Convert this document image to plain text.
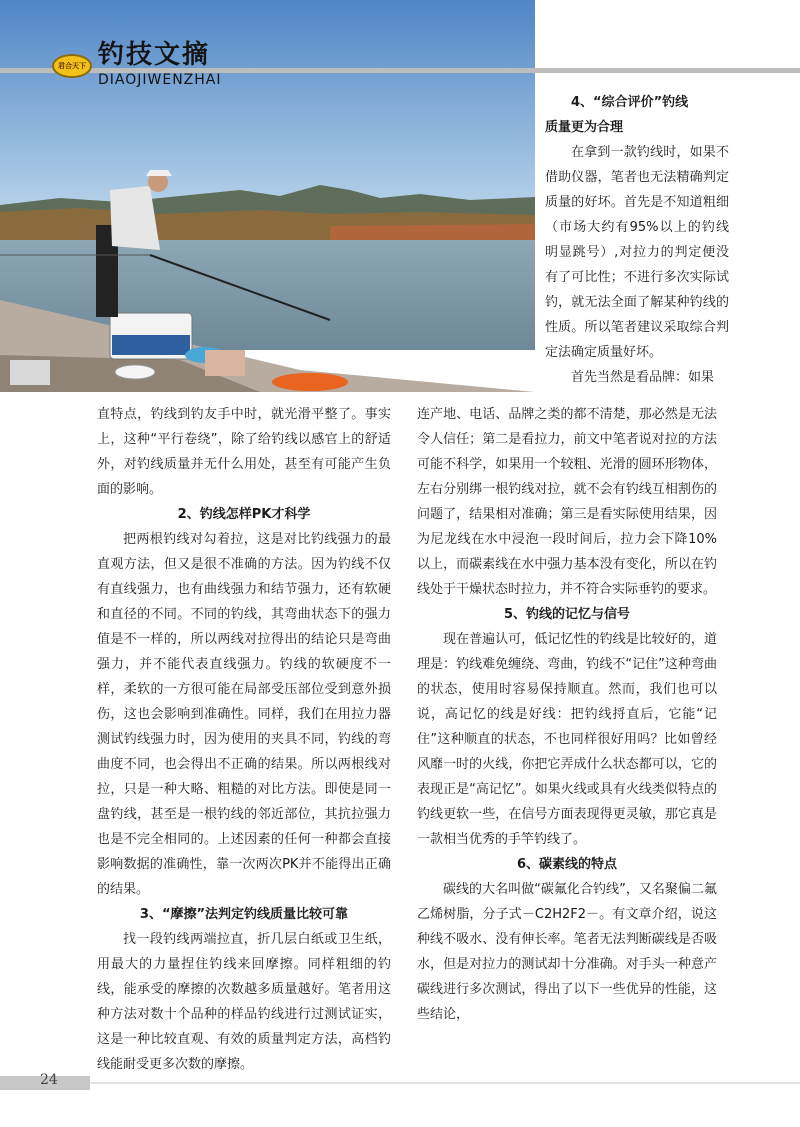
君合天下 钓技文摘
DIAOJIWENZHAI
4、“综合评价”钓线
质量更为合理

在拿到一款钓线时，如果不借助仪器，笔者也无法精确判定质量的好坏。首先是不知道粗细（市场大约有95%以上的钓线明显跳号）,对拉力的判定便没有了可比性；不进行多次实际试钓，就无法全面了解某种钓线的性质。所以笔者建议采取综合判定法确定质量好坏。

首先当然是看品牌：如果

直特点，钓线到钓友手中时，就光滑平整了。事实上，这种“平行卷绕”，除了给钓线以感官上的舒适外，对钓线质量并无什么用处，甚至有可能产生负面的影响。

2、钓线怎样PK才科学

把两根钓线对勾着拉，这是对比钓线强力的最直观方法，但又是很不准确的方法。因为钓线不仅有直线强力，也有曲线强力和结节强力，还有软硬和直径的不同。不同的钓线，其弯曲状态下的强力值是不一样的，所以两线对拉得出的结论只是弯曲强力，并不能代表直线强力。钓线的软硬度不一样，柔软的一方很可能在局部受压部位受到意外损伤，这也会影响到准确性。同样，我们在用拉力器测试钓线强力时，因为使用的夹具不同，钓线的弯曲度不同，也会得出不正确的结果。所以两根线对拉，只是一种大略、粗糙的对比方法。即使是同一盘钓线，甚至是一根钓线的邻近部位，其抗拉强力也是不完全相同的。上述因素的任何一种都会直接影响数据的准确性，靠一次两次PK并不能得出正确的结果。

3、“摩擦”法判定钓线质量比较可靠

找一段钓线两端拉直，折几层白纸或卫生纸，用最大的力量捏住钓线来回摩擦。同样粗细的钓线，能承受的摩擦的次数越多质量越好。笔者用这种方法对数十个品种的样品钓线进行过测试证实，这是一种比较直观、有效的质量判定方法，高档钓线能耐受更多次数的摩擦。

连产地、电话、品牌之类的都不清楚，那必然是无法令人信任；第二是看拉力，前文中笔者说对拉的方法可能不科学，如果用一个较粗、光滑的圆环形物体，左右分别绑一根钓线对拉，就不会有钓线互相割伤的问题了，结果相对准确；第三是看实际使用结果，因为尼龙线在水中浸泡一段时间后，拉力会下降10%以上，而碳素线在水中强力基本没有变化，所以在钓线处于干燥状态时拉力，并不符合实际垂钓的要求。

5、钓线的记忆与信号

现在普遍认可，低记忆性的钓线是比较好的，道理是：钓线难免缠绕、弯曲，钓线不“记住”这种弯曲的状态，使用时容易保持顺直。然而，我们也可以说，高记忆的线是好线：把钓线捋直后，它能“记住”这种顺直的状态，不也同样很好用吗？比如曾经风靡一时的火线，你把它弄成什么状态都可以，它的表现正是“高记忆”。如果火线或具有火线类似特点的钓线更软一些，在信号方面表现得更灵敏，那它真是一款相当优秀的手竿钓线了。

6、碳素线的特点

碳线的大名叫做“碳氟化合钓线”，又名聚偏二氟乙烯树脂，分子式－C2H2F2－。有文章介绍，说这种线不吸水、没有伸长率。笔者无法判断碳线是否吸水，但是对拉力的测试却十分准确。对手头一种意产碳线进行多次测试，得出了以下一些优异的性能，这些结论，

24
